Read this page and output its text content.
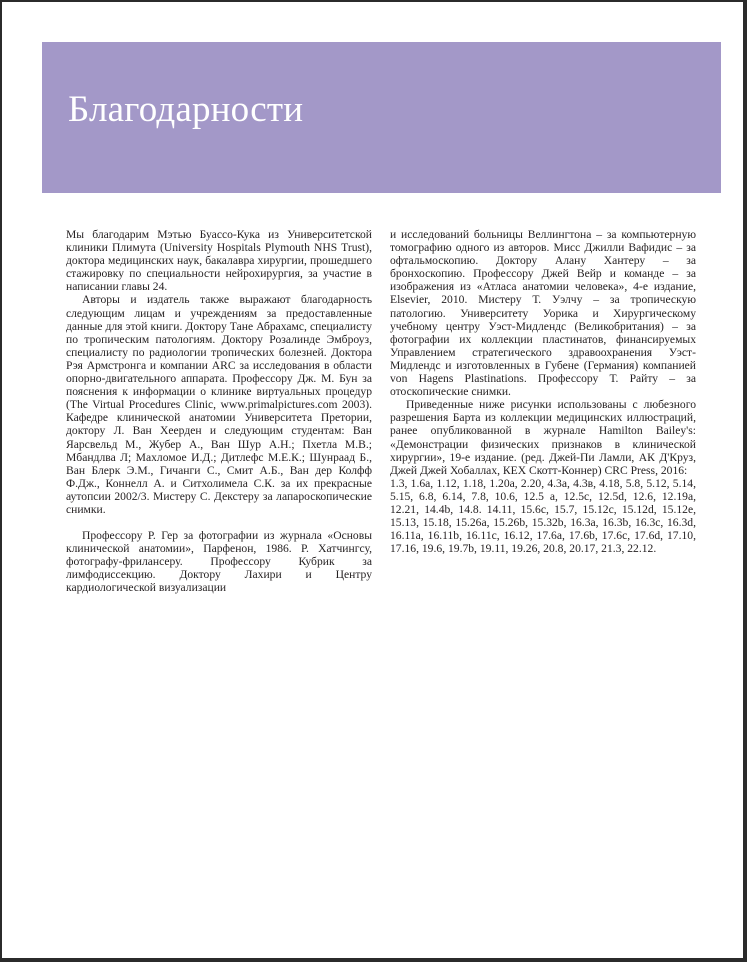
Благодарности

Мы благодарим Мэтью Буассо-Кука из Университетской клиники Плимута (University Hospitals Plymouth NHS Trust), доктора медицинских наук, бакалавра хирургии, прошедшего стажировку по специальности нейрохирургия, за участие в написании главы 24.

Авторы и издатель также выражают благодарность следующим лицам и учреждениям за предоставленные данные для этой книги. Доктору Тане Абрахамс, специалисту по тропическим патологиям. Доктору Розалинде Эмброуз, специалисту по радиологии тропических болезней. Доктора Рэя Армстронга и компании ARC за исследования в области опорно-двигательного аппарата. Профессору Дж. М. Бун за пояснения к информации о клинике виртуальных процедур (The Virtual Procedures Clinic, www.primalpictures.com 2003). Кафедре клинической анатомии Университета Претории, доктору Л. Ван Хеерден и следующим студентам: Ван Яарсвельд М., Жубер А., Ван Шур А.Н.; Пхетла М.В.; Мбандлва Л; Махломое И.Д.; Дитлефс М.Е.К.; Шунраад Б., Ван Блерк Э.М., Гичанги С., Смит А.Б., Ван дер Колфф Ф.Дж., Коннелл А. и Ситхолимела С.К. за их прекрасные аутопсии 2002/3. Мистеру С. Декстеру за лапароскопические снимки.

Профессору Р. Гер за фотографии из журнала «Основы клинической анатомии», Парфенон, 1986. Р. Хатчингсу, фотографу-фрилансеру. Профессору Кубрик за лимфодиссекцию. Доктору Лахири и Центру кардиологической визуализации

и исследований больницы Веллингтона – за компьютерную томографию одного из авторов. Мисс Джилли Вафидис – за офтальмоскопию. Доктору Алану Хантеру – за бронхоскопию. Профессору Джей Вейр и команде – за изображения из «Атласа анатомии человека», 4-е издание, Elsevier, 2010. Мистеру Т. Уэлчу – за тропическую патологию. Университету Уорика и Хирургическому учебному центру Уэст-Мидлендс (Великобритания) – за фотографии их коллекции пластинатов, финансируемых Управлением стратегического здравоохранения Уэст-Мидлендс и изготовленных в Губене (Германия) компанией von Hagens Plastinations. Профессору Т. Райту – за отоскопические снимки.

Приведенные ниже рисунки использованы с любезного разрешения Барта из коллекции медицинских иллюстраций, ранее опубликованной в журнале Hamilton Bailey's: «Демонстрации физических признаков в клинической хирургии», 19-е издание. (ред. Джей-Пи Ламли, АК Д'Круз, Джей Джей Хобаллах, КЕХ Скотт-Коннер) CRC Press, 2016:

1.3, 1.6a, 1.12, 1.18, 1.20a, 2.20, 4.3a, 4.3в, 4.18, 5.8, 5.12, 5.14, 5.15, 6.8, 6.14, 7.8, 10.6, 12.5 a, 12.5c, 12.5d, 12.6, 12.19a, 12.21, 14.4b, 14.8. 14.11, 15.6c, 15.7, 15.12c, 15.12d, 15.12e, 15.13, 15.18, 15.26a, 15.26b, 15.32b, 16.3a, 16.3b, 16.3c, 16.3d, 16.11a, 16.11b, 16.11c, 16.12, 17.6a, 17.6b, 17.6c, 17.6d, 17.10, 17.16, 19.6, 19.7b, 19.11, 19.26, 20.8, 20.17, 21.3, 22.12.
